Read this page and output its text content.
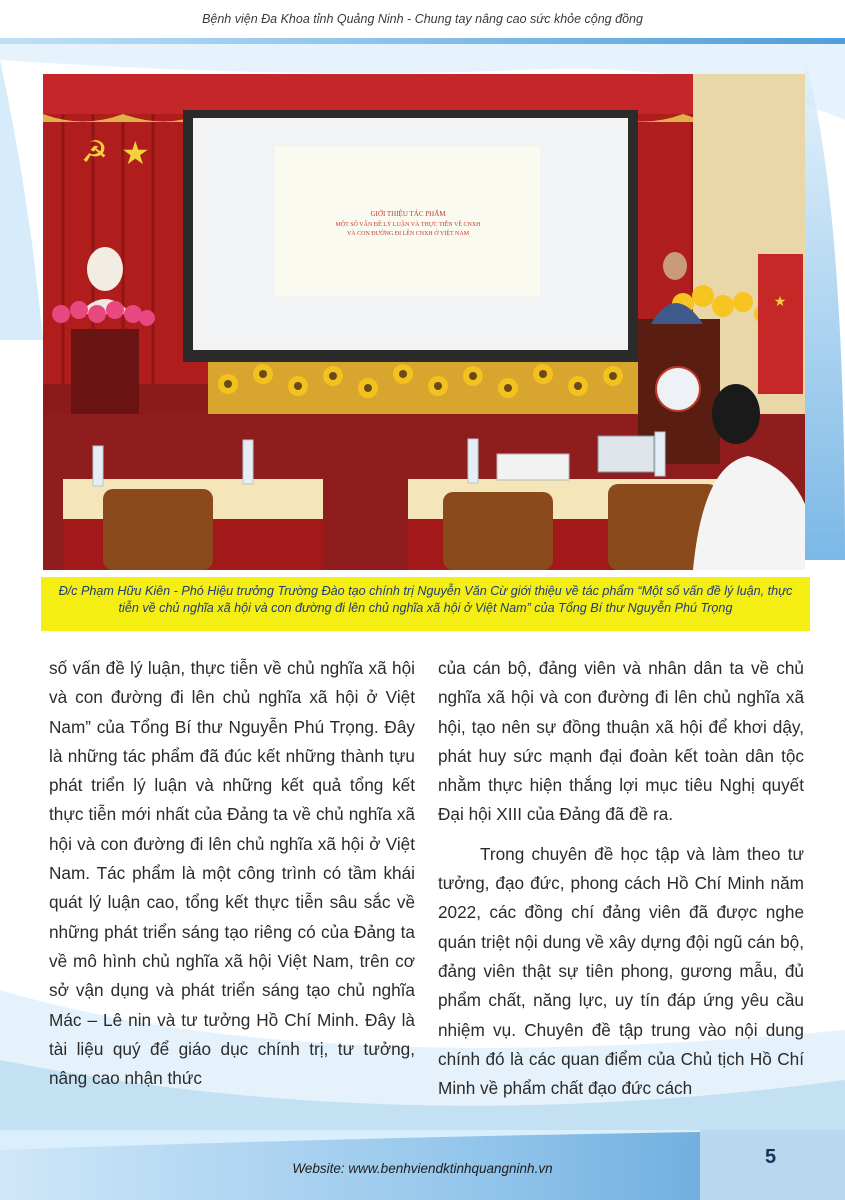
Bệnh viện Đa Khoa tỉnh Quảng Ninh - Chung tay nâng cao sức khỏe cộng đồng
GIỚI THIỆU TÁC PHẨM
MỘT SỐ VẤN ĐỀ LÝ LUẬN VÀ THỰC TIỄN VỀ CNXH
VÀ CON ĐƯỜNG ĐI LÊN CNXH Ở VIỆT NAM
☭ ★
★
Đ/c Phạm Hữu Kiên - Phó Hiệu trưởng Trường Đào tạo chính trị Nguyễn Văn Cừ giới thiệu về tác phẩm “Một số vấn đề lý luận, thực tiễn về chủ nghĩa xã hội và con đường đi lên chủ nghĩa xã hội ở Việt Nam” của Tổng Bí thư Nguyễn Phú Trọng

số vấn đề lý luận, thực tiễn về chủ nghĩa xã hội và con đường đi lên chủ nghĩa xã hội ở Việt Nam” của Tổng Bí thư Nguyễn Phú Trọng. Đây là những tác phẩm đã đúc kết những thành tựu phát triển lý luận và những kết quả tổng kết thực tiễn mới nhất của Đảng ta về chủ nghĩa xã hội và con đường đi lên chủ nghĩa xã hội ở Việt Nam. Tác phẩm là một công trình có tầm khái quát lý luận cao, tổng kết thực tiễn sâu sắc về những phát triển sáng tạo riêng có của Đảng ta về mô hình chủ nghĩa xã hội Việt Nam, trên cơ sở vận dụng và phát triển sáng tạo chủ nghĩa Mác – Lê nin và tư tưởng Hồ Chí Minh. Đây là tài liệu quý để giáo dục chính trị, tư tưởng, nâng cao nhận thức

của cán bộ, đảng viên và nhân dân ta về chủ nghĩa xã hội và con đường đi lên chủ nghĩa xã hội, tạo nên sự đồng thuận xã hội để khơi dậy, phát huy sức mạnh đại đoàn kết toàn dân tộc nhằm thực hiện thắng lợi mục tiêu Nghị quyết Đại hội XIII của Đảng đã đề ra.

Trong chuyên đề học tập và làm theo tư tưởng, đạo đức, phong cách Hồ Chí Minh năm 2022, các đồng chí đảng viên đã được nghe quán triệt nội dung về xây dựng đội ngũ cán bộ, đảng viên thật sự tiên phong, gương mẫu, đủ phẩm chất, năng lực, uy tín đáp ứng yêu cầu nhiệm vụ. Chuyên đề tập trung vào nội dung chính đó là các quan điểm của Chủ tịch Hồ Chí Minh về phẩm chất đạo đức cách

Website: www.benhviendktinhquangninh.vn
5
